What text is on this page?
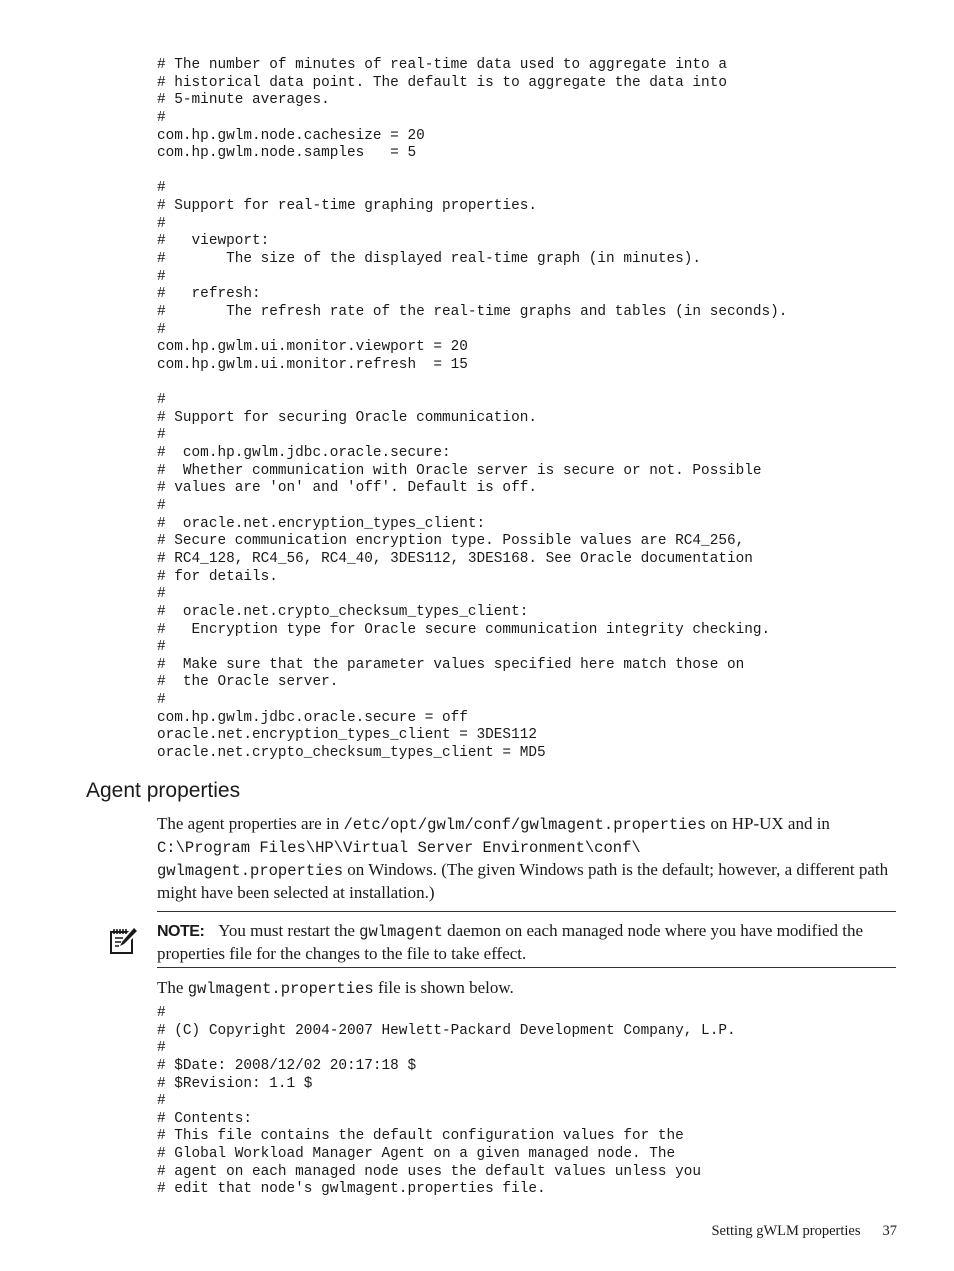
# The number of minutes of real-time data used to aggregate into a
# historical data point. The default is to aggregate the data into
# 5-minute averages.
#
com.hp.gwlm.node.cachesize = 20
com.hp.gwlm.node.samples   = 5
#
# Support for real-time graphing properties.
#
#   viewport:
#       The size of the displayed real-time graph (in minutes).
#
#   refresh:
#       The refresh rate of the real-time graphs and tables (in seconds).
#
com.hp.gwlm.ui.monitor.viewport = 20
com.hp.gwlm.ui.monitor.refresh  = 15
#
# Support for securing Oracle communication.
#
#  com.hp.gwlm.jdbc.oracle.secure:
#  Whether communication with Oracle server is secure or not. Possible
# values are 'on' and 'off'. Default is off.
#
#  oracle.net.encryption_types_client:
# Secure communication encryption type. Possible values are RC4_256,
# RC4_128, RC4_56, RC4_40, 3DES112, 3DES168. See Oracle documentation
# for details.
#
#  oracle.net.crypto_checksum_types_client:
#   Encryption type for Oracle secure communication integrity checking.
#
#  Make sure that the parameter values specified here match those on
#  the Oracle server.
#
com.hp.gwlm.jdbc.oracle.secure = off
oracle.net.encryption_types_client = 3DES112
oracle.net.crypto_checksum_types_client = MD5
Agent properties

The agent properties are in /etc/opt/gwlm/conf/gwlmagent.properties on HP-UX and in C:\Program Files\HP\Virtual Server Environment\conf\
gwlmagent.properties on Windows. (The given Windows path is the default; however, a different path might have been selected at installation.)

NOTE: You must restart the gwlmagent daemon on each managed node where you have modified the properties file for the changes to the file to take effect.

The gwlmagent.properties file is shown below.

#
# (C) Copyright 2004-2007 Hewlett-Packard Development Company, L.P.
#
# $Date: 2008/12/02 20:17:18 $
# $Revision: 1.1 $
#
# Contents:
# This file contains the default configuration values for the
# Global Workload Manager Agent on a given managed node. The
# agent on each managed node uses the default values unless you
# edit that node's gwlmagent.properties file.
Setting gWLM properties 37
